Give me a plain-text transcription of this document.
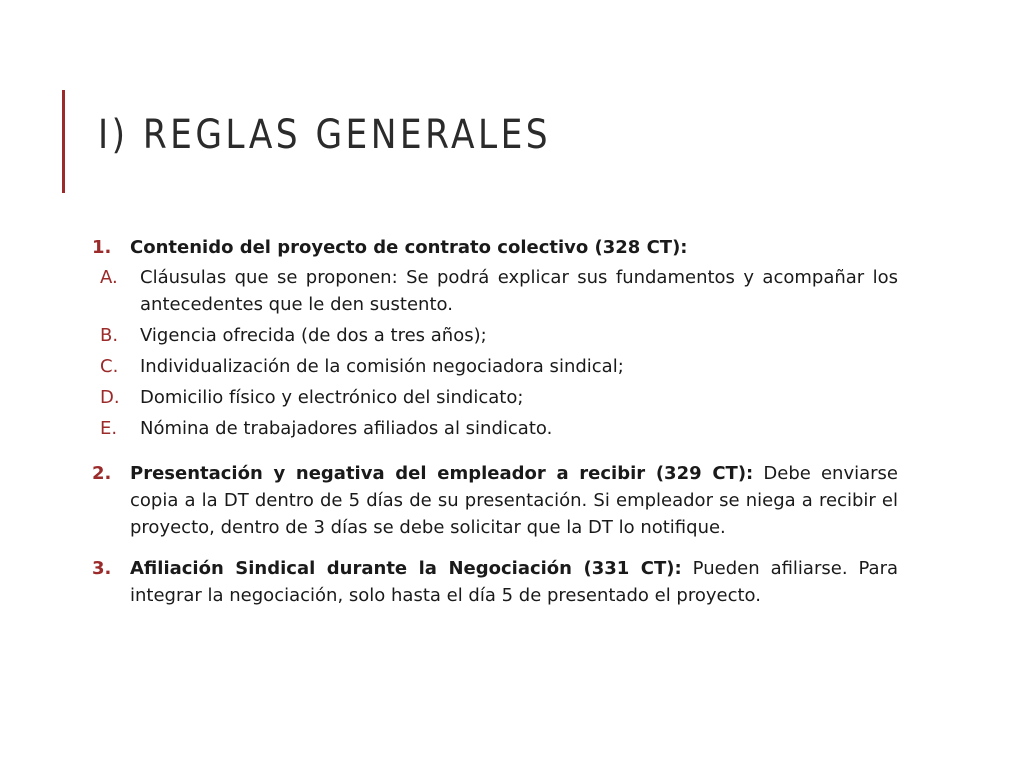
I) REGLAS GENERALES
1.	Contenido del proyecto de contrato colectivo (328 CT):
A.	Cláusulas que se proponen: Se podrá explicar sus fundamentos y acompañar los antecedentes que le den sustento.
B.	Vigencia ofrecida (de dos a tres años);
C.	Individualización de la comisión negociadora sindical;
D.	Domicilio físico y electrónico del sindicato;
E.	Nómina de trabajadores afiliados al sindicato.
2.	Presentación y negativa del empleador a recibir (329 CT): Debe enviarse copia a la DT dentro de 5 días de su presentación. Si empleador se niega a recibir el proyecto, dentro de 3 días se debe solicitar que la DT lo notifique.
3.	Afiliación Sindical durante la Negociación (331 CT): Pueden afiliarse. Para integrar la negociación, solo hasta el día 5 de presentado el proyecto.
